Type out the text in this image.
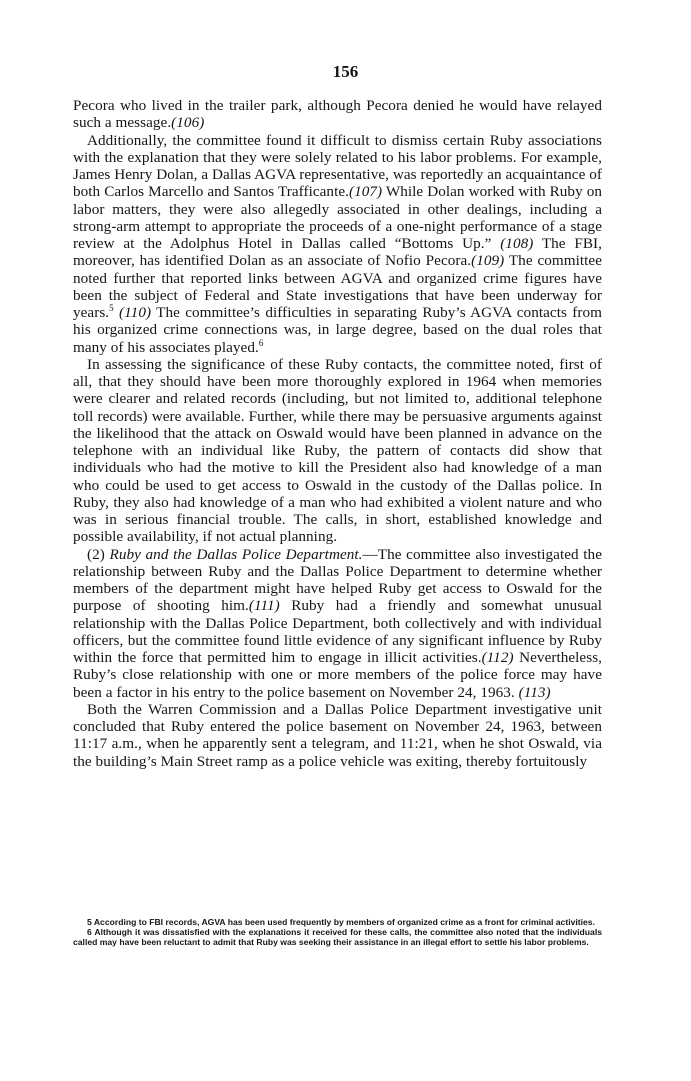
156

Pecora who lived in the trailer park, although Pecora denied he would have relayed such a message.(106)

Additionally, the committee found it difficult to dismiss certain Ruby associations with the explanation that they were solely related to his labor problems. For example, James Henry Dolan, a Dallas AGVA representative, was reportedly an acquaintance of both Carlos Marcello and Santos Trafficante.(107) While Dolan worked with Ruby on labor matters, they were also allegedly associated in other dealings, including a strong-arm attempt to appropriate the proceeds of a one-night performance of a stage review at the Adolphus Hotel in Dallas called “Bottoms Up.” (108) The FBI, moreover, has identified Dolan as an associate of Nofio Pecora.(109) The committee noted further that reported links between AGVA and organized crime figures have been the subject of Federal and State investigations that have been underway for years.$^5$ (110) The committee’s difficulties in separating Ruby’s AGVA contacts from his organized crime connections was, in large degree, based on the dual roles that many of his associates played.$^6$

In assessing the significance of these Ruby contacts, the committee noted, first of all, that they should have been more thoroughly explored in 1964 when memories were clearer and related records (including, but not limited to, additional telephone toll records) were available. Further, while there may be persuasive arguments against the likelihood that the attack on Oswald would have been planned in advance on the telephone with an individual like Ruby, the pattern of contacts did show that individuals who had the motive to kill the President also had knowledge of a man who could be used to get access to Oswald in the custody of the Dallas police. In Ruby, they also had knowledge of a man who had exhibited a violent nature and who was in serious financial trouble. The calls, in short, established knowledge and possible availability, if not actual planning.

(2) Ruby and the Dallas Police Department.—The committee also investigated the relationship between Ruby and the Dallas Police Department to determine whether members of the department might have helped Ruby get access to Oswald for the purpose of shooting him.(111) Ruby had a friendly and somewhat unusual relationship with the Dallas Police Department, both collectively and with individual officers, but the committee found little evidence of any significant influence by Ruby within the force that permitted him to engage in illicit activities.(112) Nevertheless, Ruby’s close relationship with one or more members of the police force may have been a factor in his entry to the police basement on November 24, 1963. (113)

Both the Warren Commission and a Dallas Police Department investigative unit concluded that Ruby entered the police basement on November 24, 1963, between 11:17 a.m., when he apparently sent a telegram, and 11:21, when he shot Oswald, via the building’s Main Street ramp as a police vehicle was exiting, thereby fortuitously

5 According to FBI records, AGVA has been used frequently by members of organized crime as a front for criminal activities.

6 Although it was dissatisfied with the explanations it received for these calls, the committee also noted that the individuals called may have been reluctant to admit that Ruby was seeking their assistance in an illegal effort to settle his labor problems.
